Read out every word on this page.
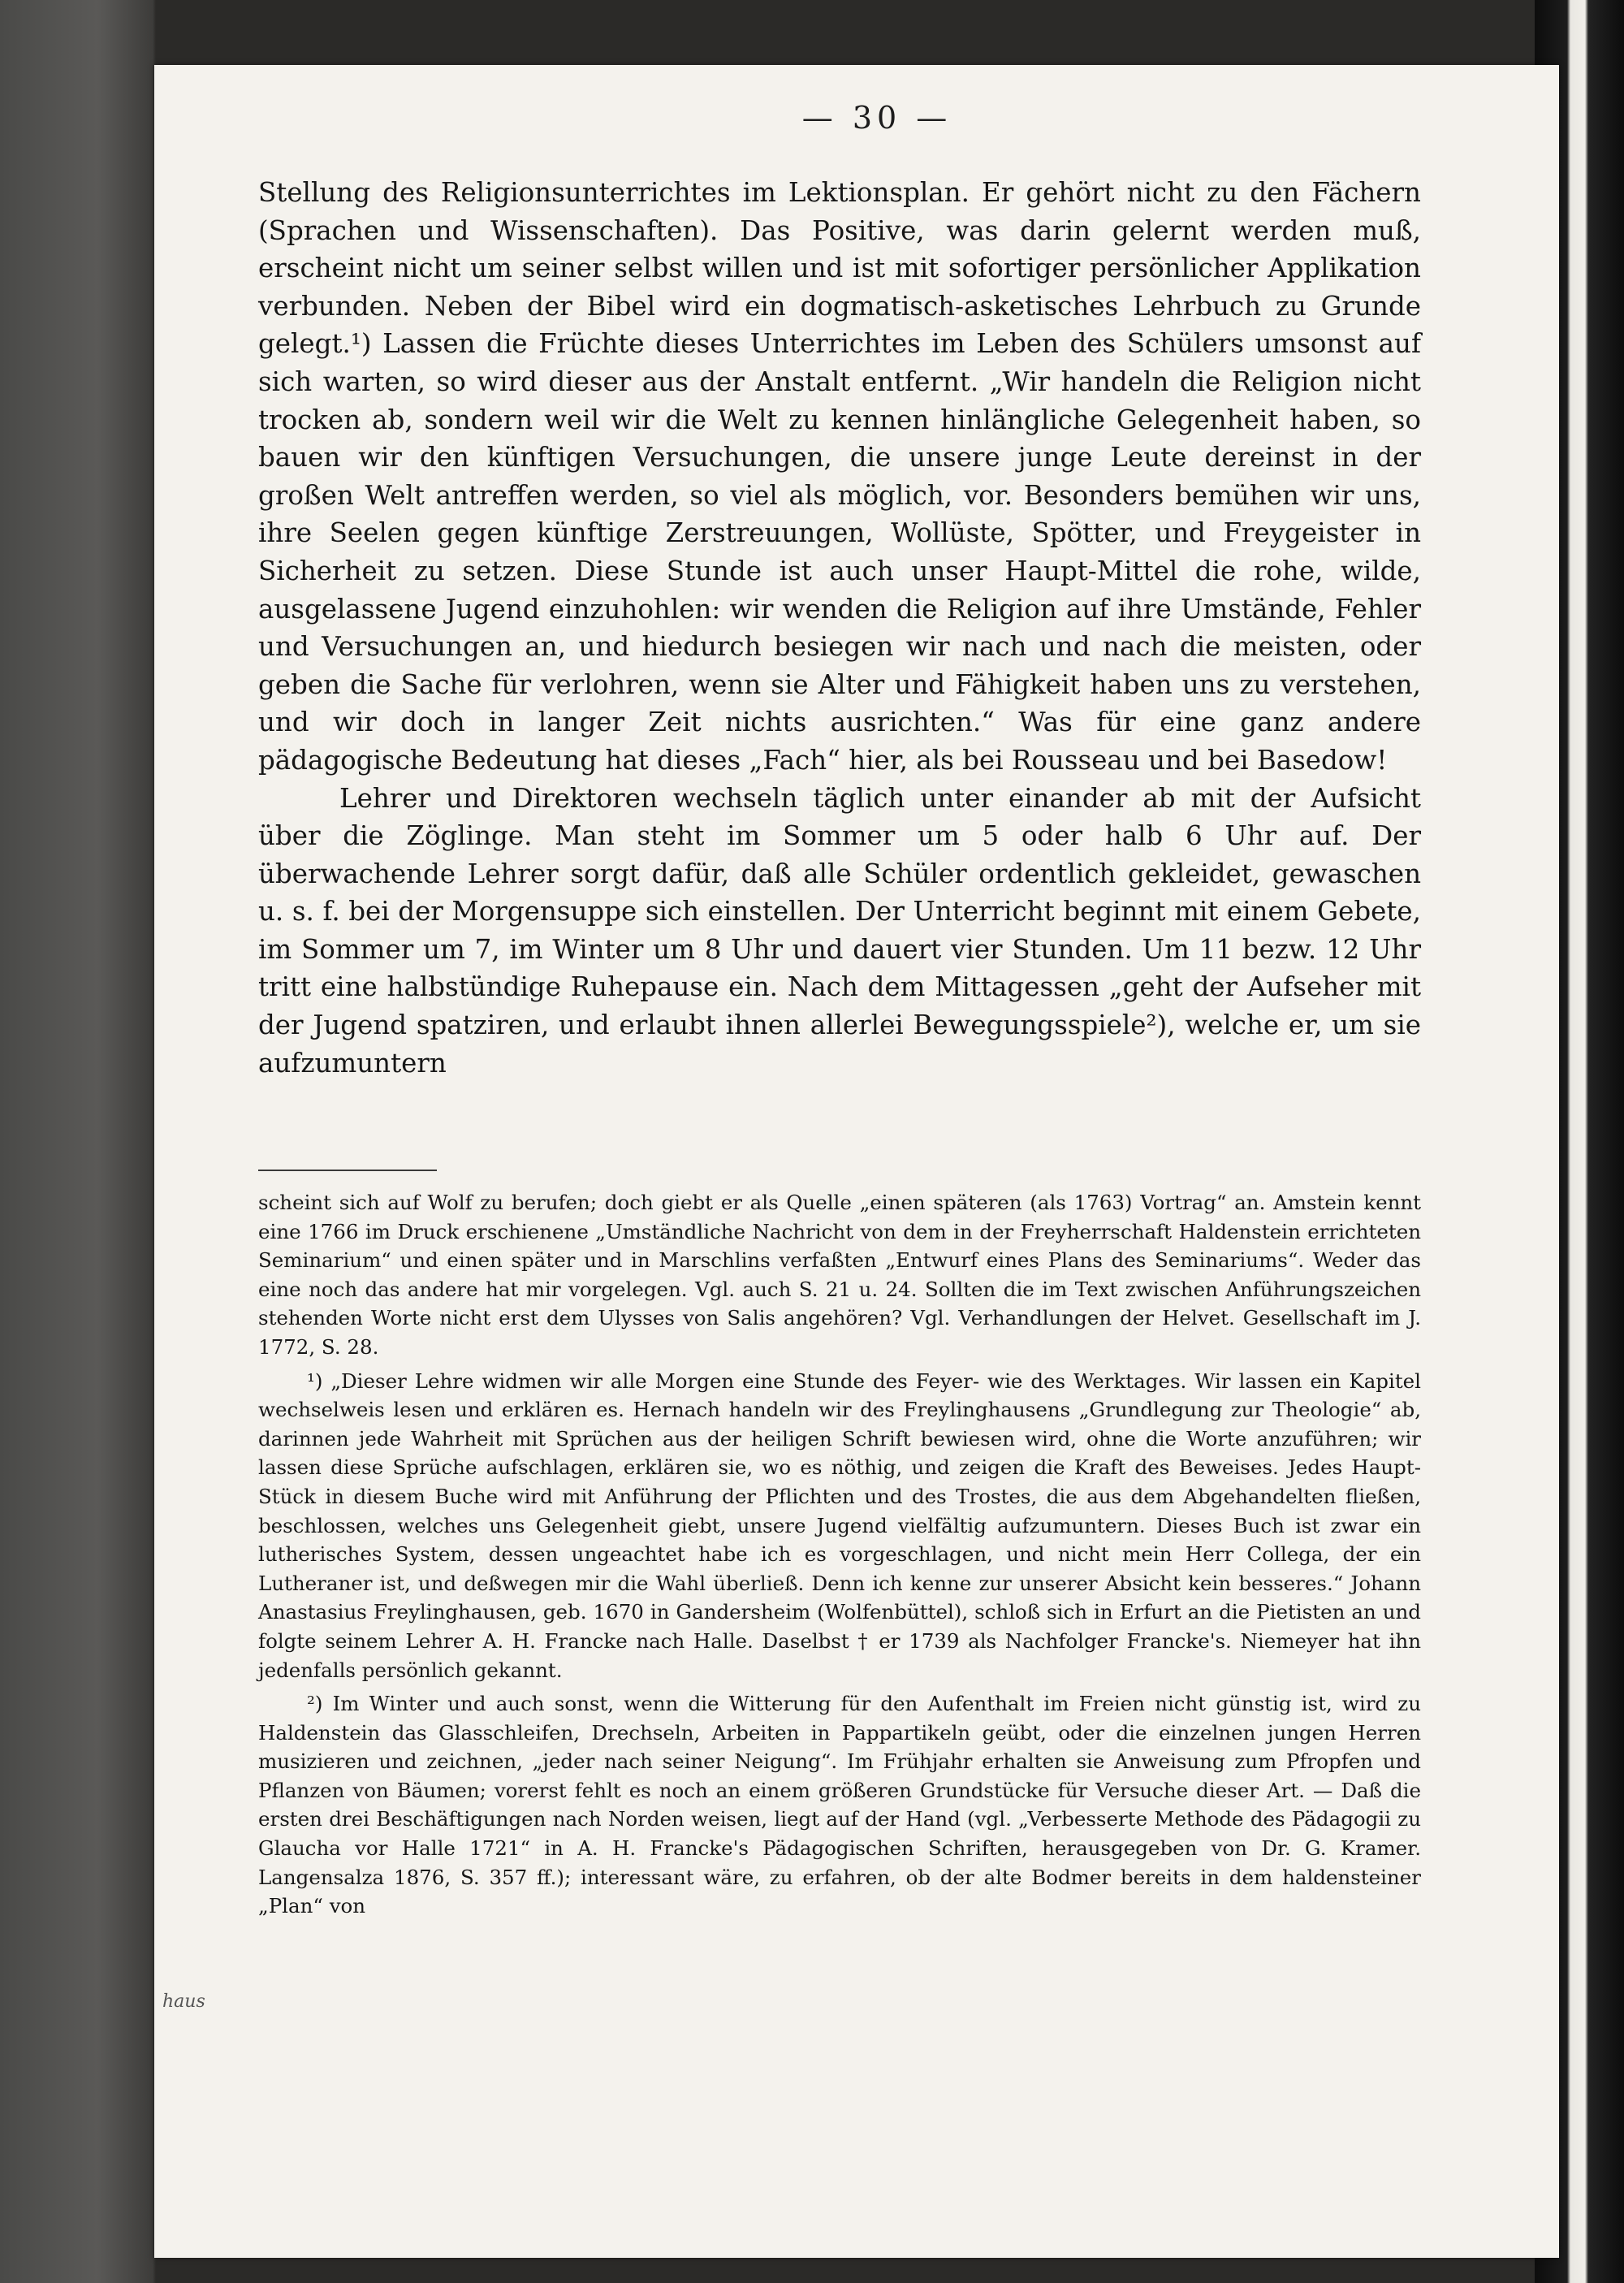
haus
— 30 —

Stellung des Religionsunterrichtes im Lektionsplan. Er gehört nicht zu den Fächern (Sprachen und Wissenschaften). Das Positive, was darin gelernt werden muß, erscheint nicht um seiner selbst willen und ist mit sofortiger persönlicher Applikation verbunden. Neben der Bibel wird ein dogmatisch-asketisches Lehrbuch zu Grunde gelegt.¹) Lassen die Früchte dieses Unterrichtes im Leben des Schülers umsonst auf sich warten, so wird dieser aus der Anstalt entfernt. „Wir handeln die Religion nicht trocken ab, sondern weil wir die Welt zu kennen hinlängliche Gelegenheit haben, so bauen wir den künftigen Versuchungen, die unsere junge Leute dereinst in der großen Welt antreffen werden, so viel als möglich, vor. Besonders bemühen wir uns, ihre Seelen gegen künftige Zerstreuungen, Wollüste, Spötter, und Freygeister in Sicherheit zu setzen. Diese Stunde ist auch unser Haupt-Mittel die rohe, wilde, ausgelassene Jugend einzuhohlen: wir wenden die Religion auf ihre Umstände, Fehler und Versuchungen an, und hiedurch besiegen wir nach und nach die meisten, oder geben die Sache für verlohren, wenn sie Alter und Fähigkeit haben uns zu verstehen, und wir doch in langer Zeit nichts ausrichten.“ Was für eine ganz andere pädagogische Bedeutung hat dieses „Fach“ hier, als bei Rousseau und bei Basedow!

Lehrer und Direktoren wechseln täglich unter einander ab mit der Aufsicht über die Zöglinge. Man steht im Sommer um 5 oder halb 6 Uhr auf. Der überwachende Lehrer sorgt dafür, daß alle Schüler ordentlich gekleidet, gewaschen u. s. f. bei der Morgensuppe sich einstellen. Der Unterricht beginnt mit einem Gebete, im Sommer um 7, im Winter um 8 Uhr und dauert vier Stunden. Um 11 bezw. 12 Uhr tritt eine halbstündige Ruhepause ein. Nach dem Mittagessen „geht der Aufseher mit der Jugend spatziren, und erlaubt ihnen allerlei Bewegungsspiele²), welche er, um sie aufzumuntern

scheint sich auf Wolf zu berufen; doch giebt er als Quelle „einen späteren (als 1763) Vortrag“ an. Amstein kennt eine 1766 im Druck erschienene „Umständliche Nachricht von dem in der Freyherrschaft Haldenstein errichteten Seminarium“ und einen später und in Marschlins verfaßten „Entwurf eines Plans des Seminariums“. Weder das eine noch das andere hat mir vorgelegen. Vgl. auch S. 21 u. 24. Sollten die im Text zwischen Anführungszeichen stehenden Worte nicht erst dem Ulysses von Salis angehören? Vgl. Verhandlungen der Helvet. Gesellschaft im J. 1772, S. 28.

¹) „Dieser Lehre widmen wir alle Morgen eine Stunde des Feyer- wie des Werktages. Wir lassen ein Kapitel wechselweis lesen und erklären es. Hernach handeln wir des Freylinghausens „Grundlegung zur Theologie“ ab, darinnen jede Wahrheit mit Sprüchen aus der heiligen Schrift bewiesen wird, ohne die Worte anzuführen; wir lassen diese Sprüche aufschlagen, erklären sie, wo es nöthig, und zeigen die Kraft des Beweises. Jedes Haupt-Stück in diesem Buche wird mit Anführung der Pflichten und des Trostes, die aus dem Abgehandelten fließen, beschlossen, welches uns Gelegenheit giebt, unsere Jugend vielfältig aufzumuntern. Dieses Buch ist zwar ein lutherisches System, dessen ungeachtet habe ich es vorgeschlagen, und nicht mein Herr Collega, der ein Lutheraner ist, und deßwegen mir die Wahl überließ. Denn ich kenne zur unserer Absicht kein besseres.“ Johann Anastasius Freylinghausen, geb. 1670 in Gandersheim (Wolfenbüttel), schloß sich in Erfurt an die Pietisten an und folgte seinem Lehrer A. H. Francke nach Halle. Daselbst † er 1739 als Nachfolger Francke's. Niemeyer hat ihn jedenfalls persönlich gekannt.

²) Im Winter und auch sonst, wenn die Witterung für den Aufenthalt im Freien nicht günstig ist, wird zu Haldenstein das Glasschleifen, Drechseln, Arbeiten in Pappartikeln geübt, oder die einzelnen jungen Herren musizieren und zeichnen, „jeder nach seiner Neigung“. Im Frühjahr erhalten sie Anweisung zum Pfropfen und Pflanzen von Bäumen; vorerst fehlt es noch an einem größeren Grundstücke für Versuche dieser Art. — Daß die ersten drei Beschäftigungen nach Norden weisen, liegt auf der Hand (vgl. „Verbesserte Methode des Pädagogii zu Glaucha vor Halle 1721“ in A. H. Francke's Pädagogischen Schriften, herausgegeben von Dr. G. Kramer. Langensalza 1876, S. 357 ff.); interessant wäre, zu erfahren, ob der alte Bodmer bereits in dem haldensteiner „Plan“ von
